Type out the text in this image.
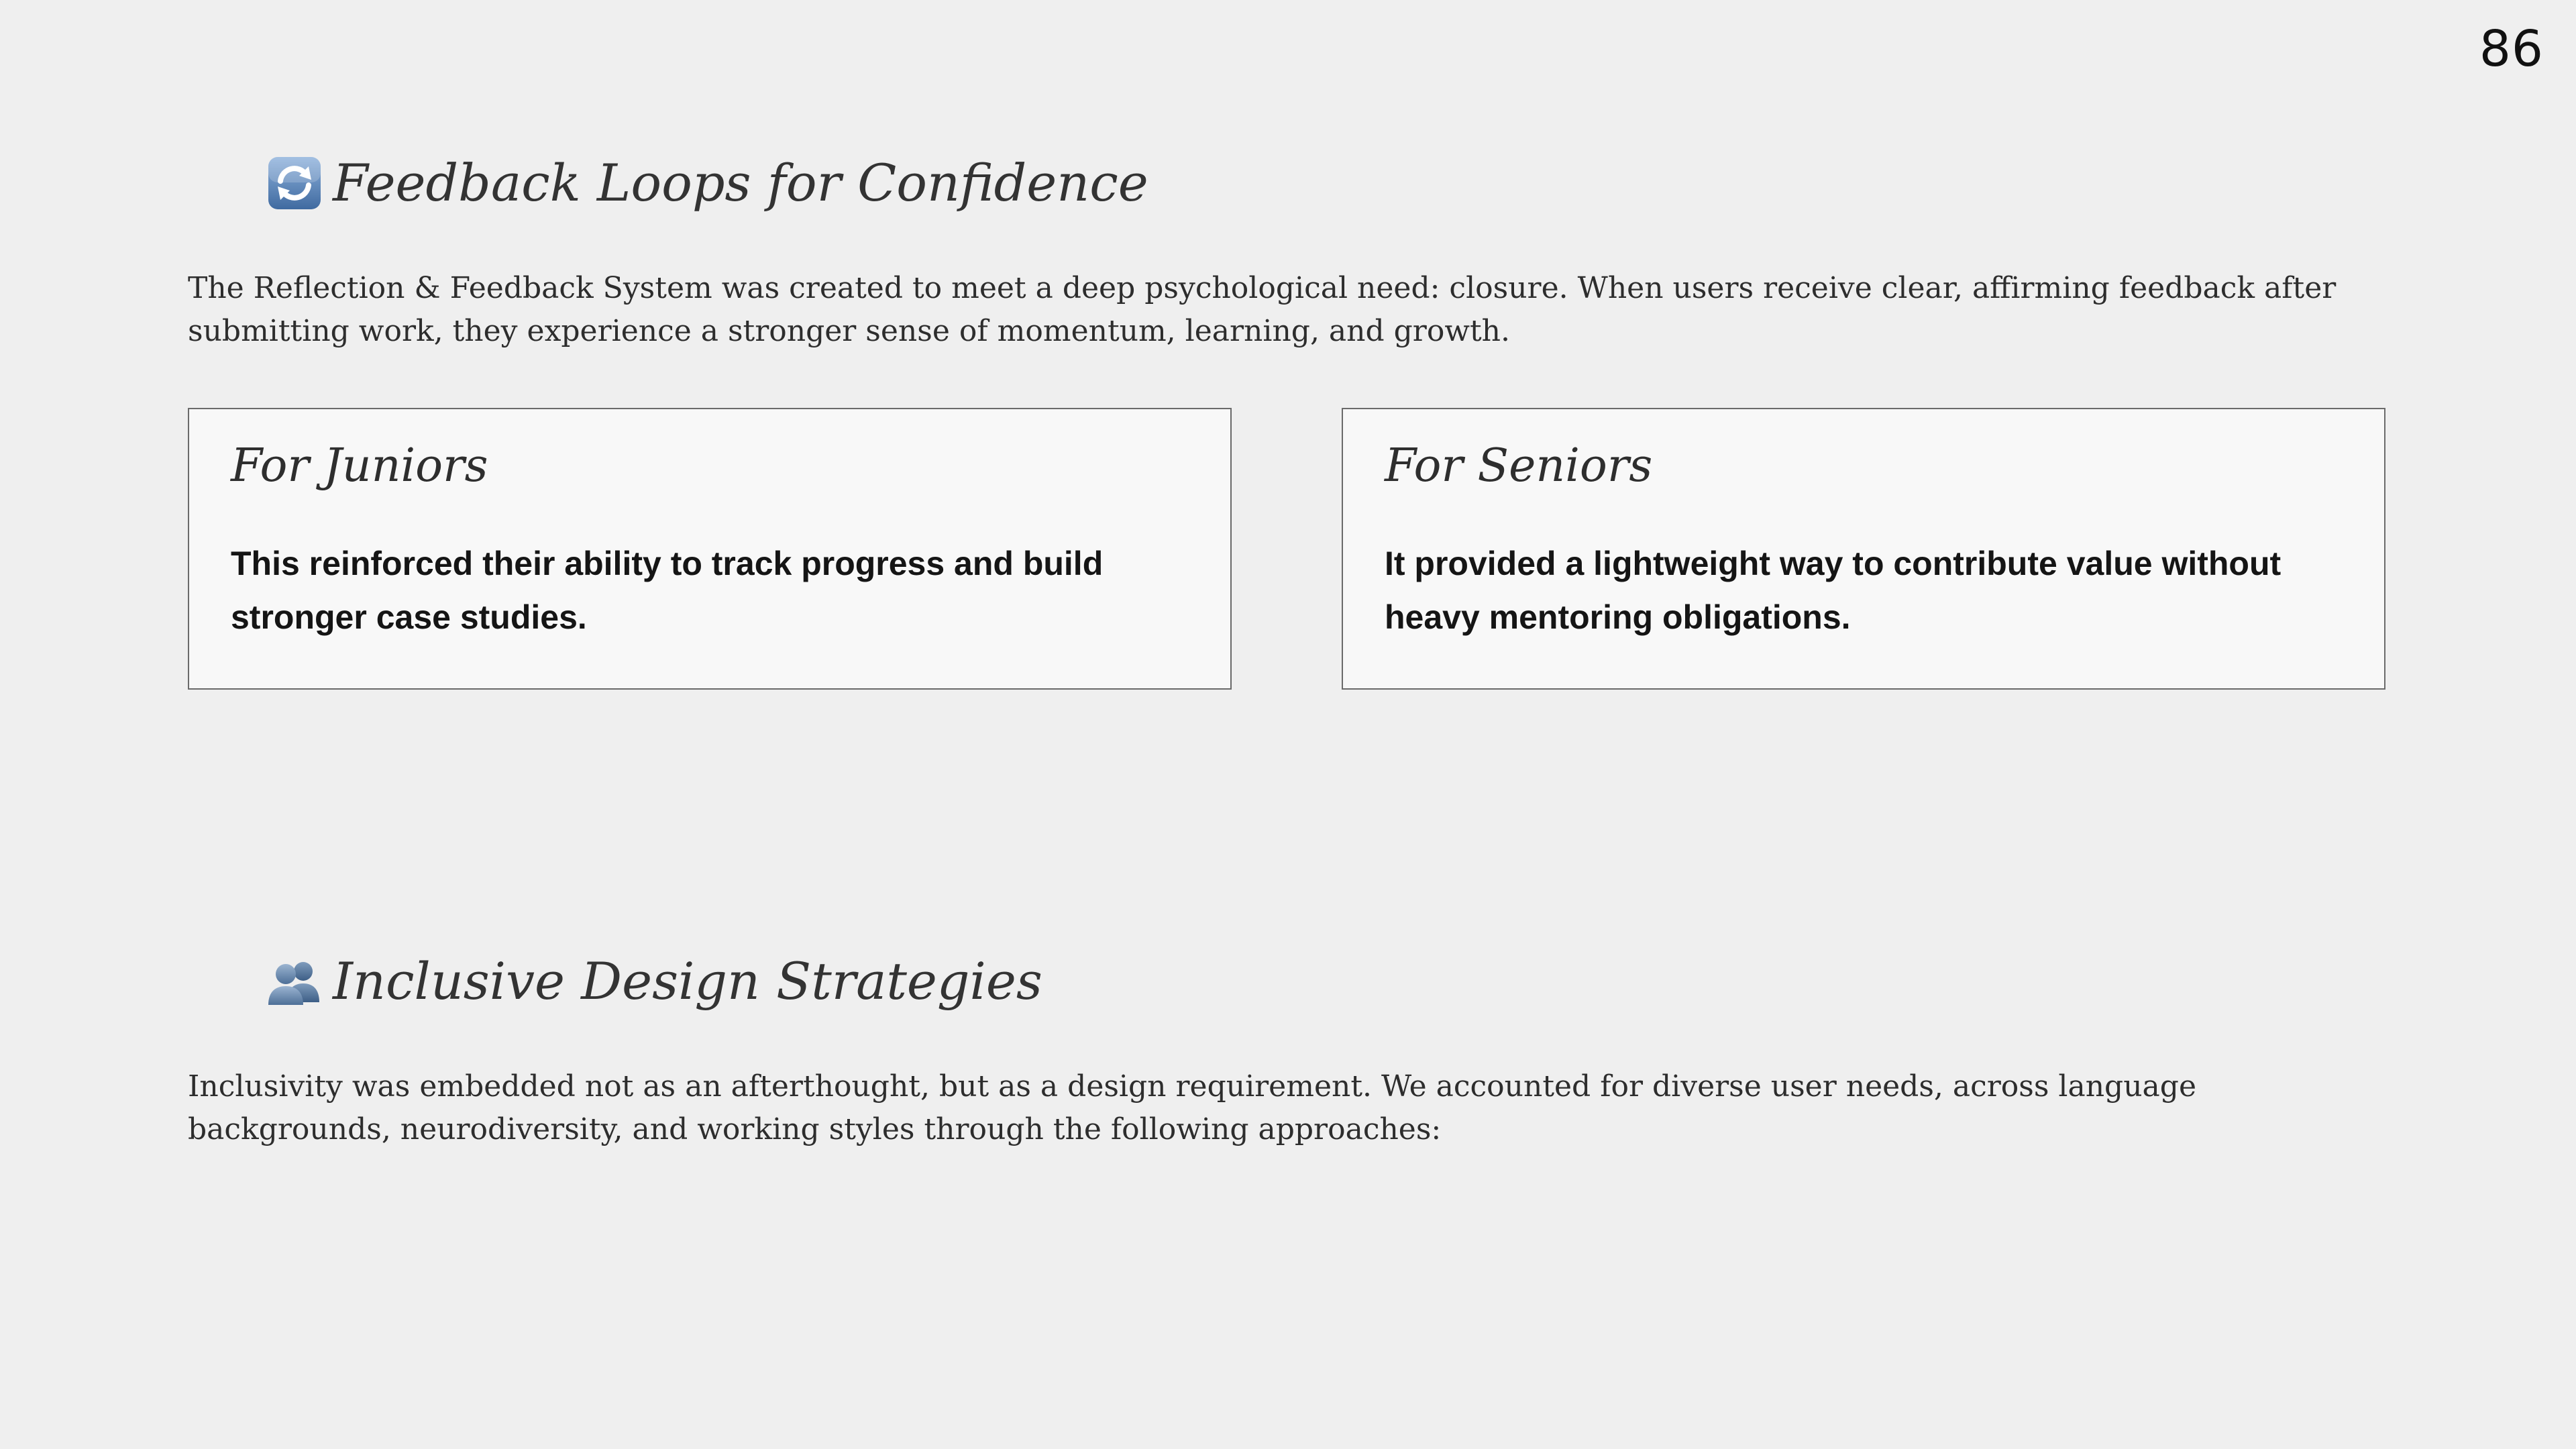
86
Feedback Loops for Confidence

The Reflection & Feedback System was created to meet a deep psychological need: closure. When users receive clear, affirming feedback after submitting work, they experience a stronger sense of momentum, learning, and growth.

For Juniors

This reinforced their ability to track progress and build stronger case studies.

For Seniors

It provided a lightweight way to contribute value without heavy mentoring obligations.

Inclusive Design Strategies

Inclusivity was embedded not as an afterthought, but as a design requirement. We accounted for diverse user needs, across language backgrounds, neurodiversity, and working styles through the following approaches:
